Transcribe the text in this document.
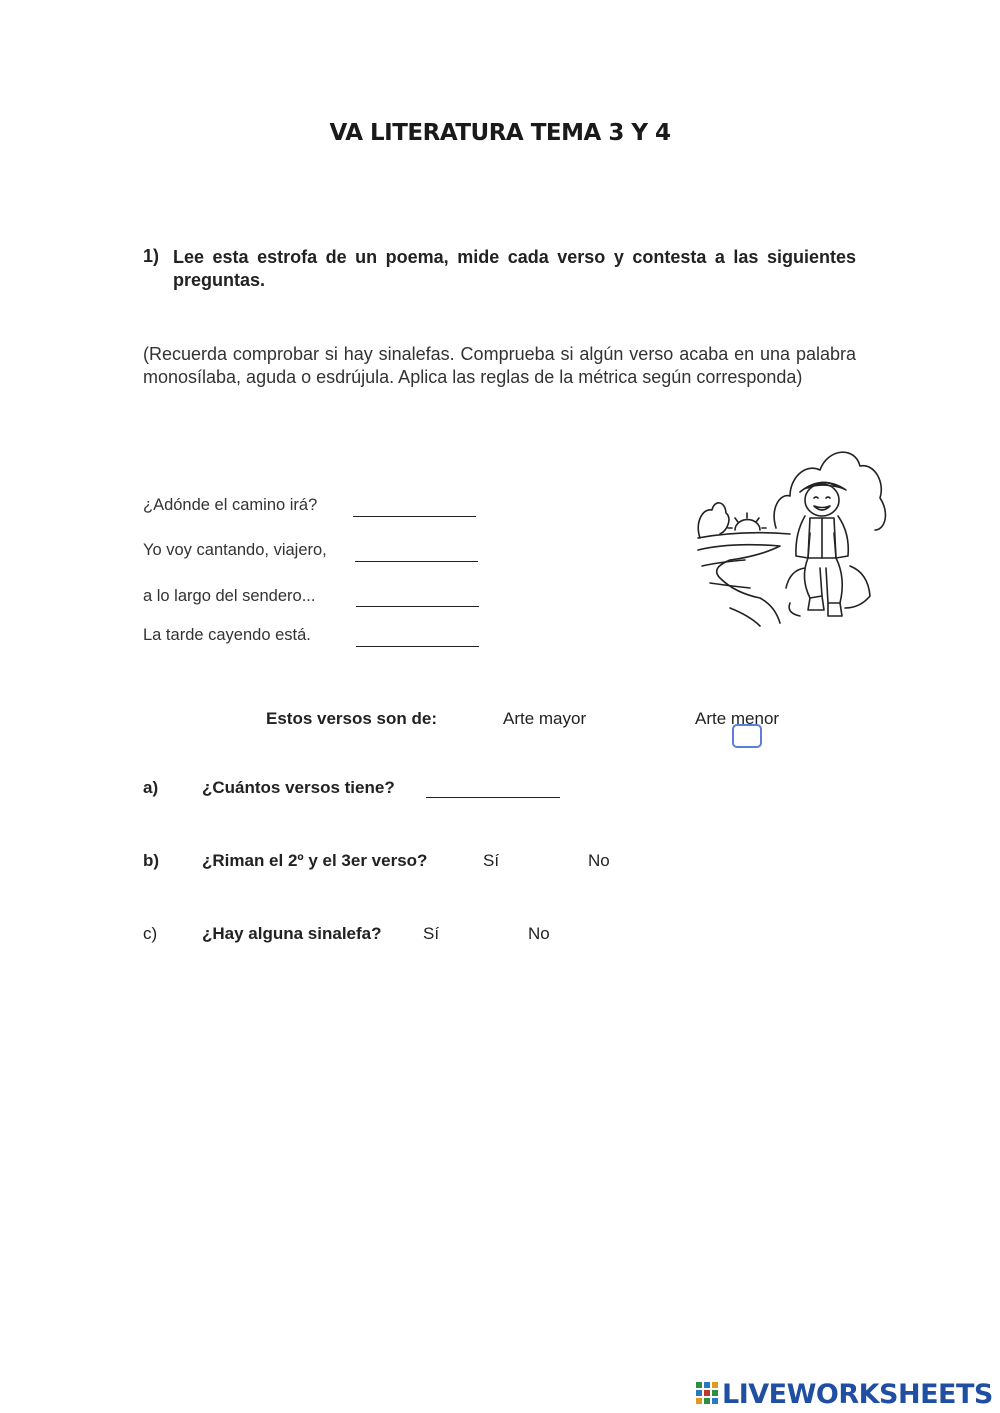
VA LITERATURA TEMA 3 Y 4
1) Lee esta estrofa de un poema, mide cada verso y contesta a las siguientes preguntas.
(Recuerda comprobar si hay sinalefas. Comprueba si algún verso acaba en una palabra monosílaba, aguda o esdrújula. Aplica las reglas de la métrica según corresponda)
¿Adónde el camino irá?
Yo voy cantando, viajero,
a lo largo del sendero...
La tarde cayendo está.
Estos versos son de:	Arte mayor	Arte menor
a)	¿Cuántos versos tiene?
b)	¿Riman el 2º y el 3er verso?	Sí	No
c)	¿Hay alguna sinalefa? Sí	No
LIVEWORKSHEETS
